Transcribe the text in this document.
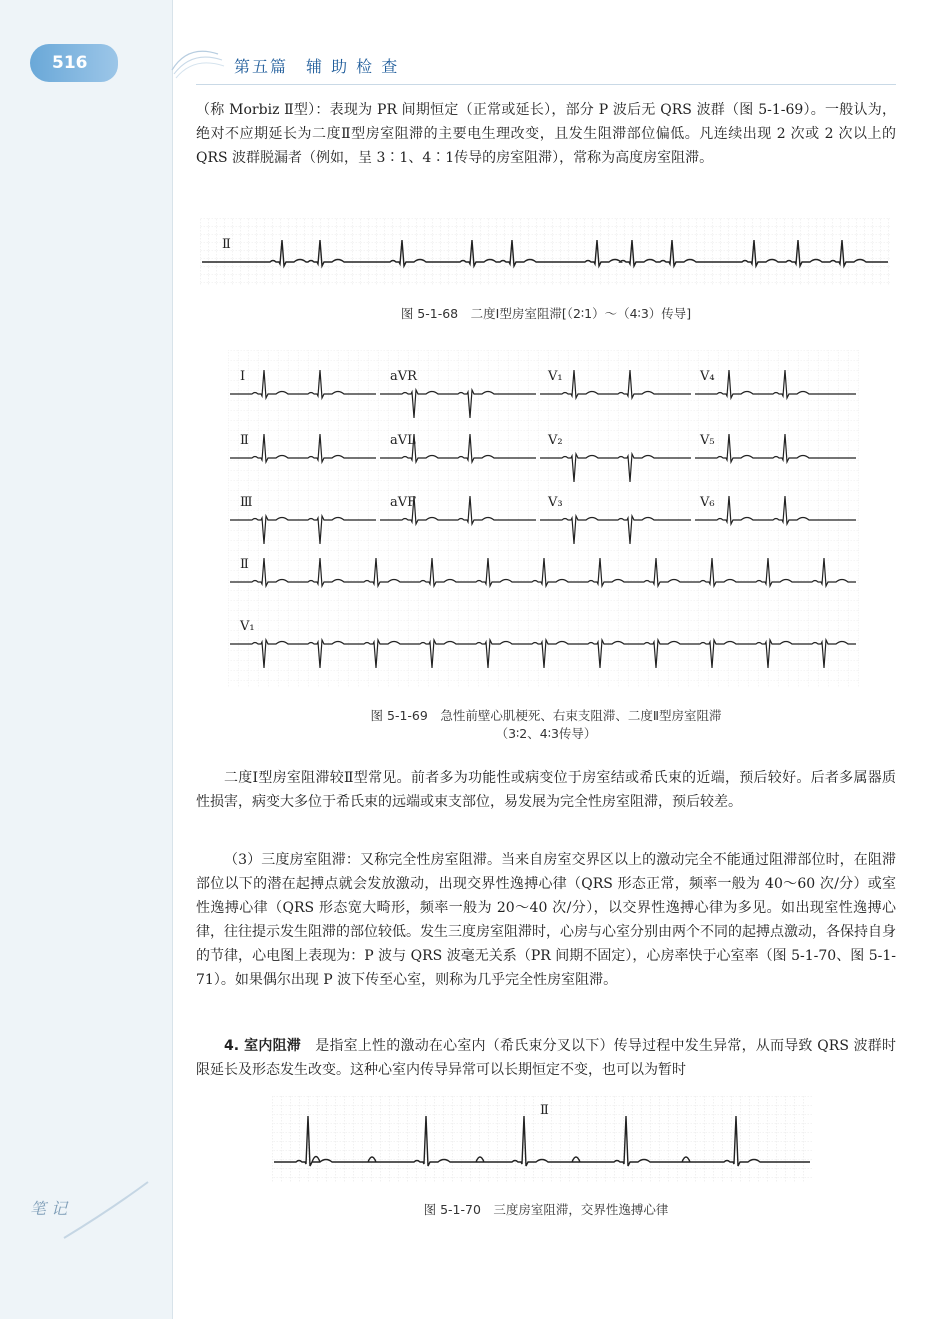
516	第五篇　辅 助 检 查

（称 Morbiz Ⅱ型）：表现为 PR 间期恒定（正常或延长），部分 P 波后无 QRS 波群（图 5-1-69）。一般认为，绝对不应期延长为二度Ⅱ型房室阻滞的主要电生理改变，且发生阻滞部位偏低。凡连续出现 2 次或 2 次以上的 QRS 波群脱漏者（例如，呈 3∶1、4∶1传导的房室阻滞），常称为高度房室阻滞。

Ⅱ
图 5-1-68　二度Ⅰ型房室阻滞[（2∶1）～（4∶3）传导]
Ⅰ	aVR	V₁	V₄
Ⅱ	aVL	V₂	V₅
Ⅲ	aVF	V₃	V₆
Ⅱ
V₁
图 5-1-69　急性前壁心肌梗死、右束支阻滞、二度Ⅱ型房室阻滞
（3∶2、4∶3传导）

二度Ⅰ型房室阻滞较Ⅱ型常见。前者多为功能性或病变位于房室结或希氏束的近端，预后较好。后者多属器质性损害，病变大多位于希氏束的远端或束支部位，易发展为完全性房室阻滞，预后较差。

（3）三度房室阻滞：又称完全性房室阻滞。当来自房室交界区以上的激动完全不能通过阻滞部位时，在阻滞部位以下的潜在起搏点就会发放激动，出现交界性逸搏心律（QRS 形态正常，频率一般为 40～60 次/分）或室性逸搏心律（QRS 形态宽大畸形，频率一般为 20～40 次/分），以交界性逸搏心律为多见。如出现室性逸搏心律，往往提示发生阻滞的部位较低。发生三度房室阻滞时，心房与心室分别由两个不同的起搏点激动，各保持自身的节律，心电图上表现为：P 波与 QRS 波毫无关系（PR 间期不固定），心房率快于心室率（图 5-1-70、图 5-1-71）。如果偶尔出现 P 波下传至心室，则称为几乎完全性房室阻滞。

4. 室内阻滞　是指室上性的激动在心室内（希氏束分叉以下）传导过程中发生异常，从而导致 QRS 波群时限延长及形态发生改变。这种心室内传导异常可以长期恒定不变，也可以为暂时

Ⅱ
图 5-1-70　三度房室阻滞，交界性逸搏心律
笔 记
